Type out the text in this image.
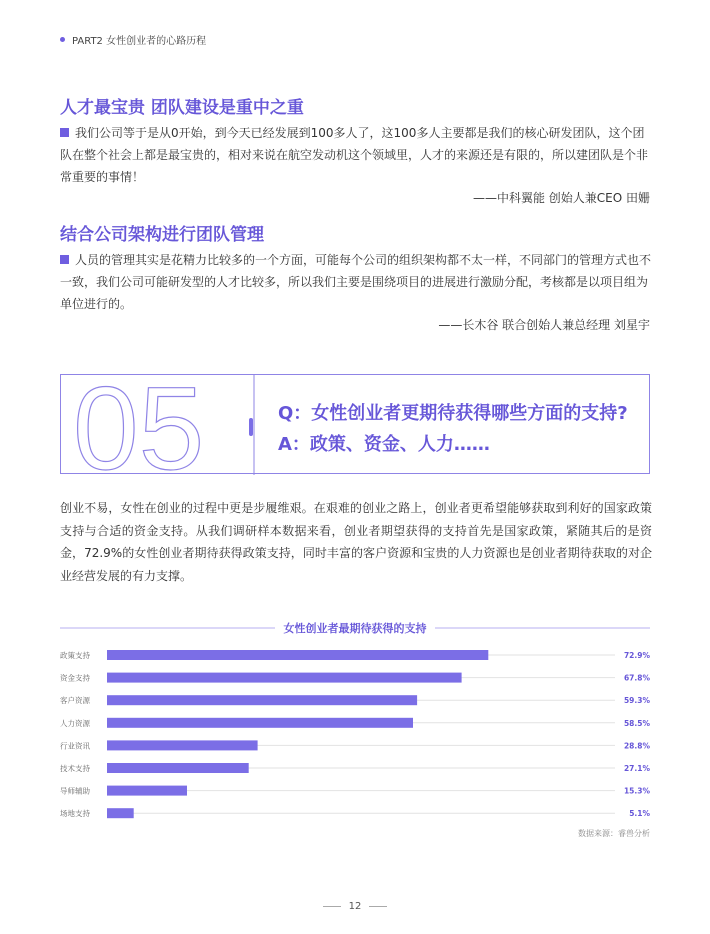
PART2 女性创业者的心路历程
人才最宝贵 团队建设是重中之重
我们公司等于是从0开始，到今天已经发展到100多人了，这100多人主要都是我们的核心研发团队，这个团队在整个社会上都是最宝贵的，相对来说在航空发动机这个领域里，人才的来源还是有限的，所以建团队是个非常重要的事情！
——中科翼能 创始人兼CEO 田姗
结合公司架构进行团队管理
人员的管理其实是花精力比较多的一个方面，可能每个公司的组织架构都不太一样，不同部门的管理方式也不一致，我们公司可能研发型的人才比较多，所以我们主要是围绕项目的进展进行激励分配，考核都是以项目组为单位进行的。
——长木谷 联合创始人兼总经理 刘星宇
05	Q：女性创业者更期待获得哪些方面的支持?
A：政策、资金、人力……
创业不易，女性在创业的过程中更是步履维艰。在艰难的创业之路上，创业者更希望能够获取到利好的国家政策支持与合适的资金支持。从我们调研样本数据来看，创业者期望获得的支持首先是国家政策，紧随其后的是资金，72.9%的女性创业者期待获得政策支持，同时丰富的客户资源和宝贵的人力资源也是创业者期待获取的对企业经营发展的有力支撑。
女性创业者最期待获得的支持
政策支持	72.9%
资金支持	67.8%
客户资源	59.3%
人力资源	58.5%
行业资讯	28.8%
技术支持	27.1%
导师辅助	15.3%
场地支持	5.1%
数据来源：睿兽分析
12
